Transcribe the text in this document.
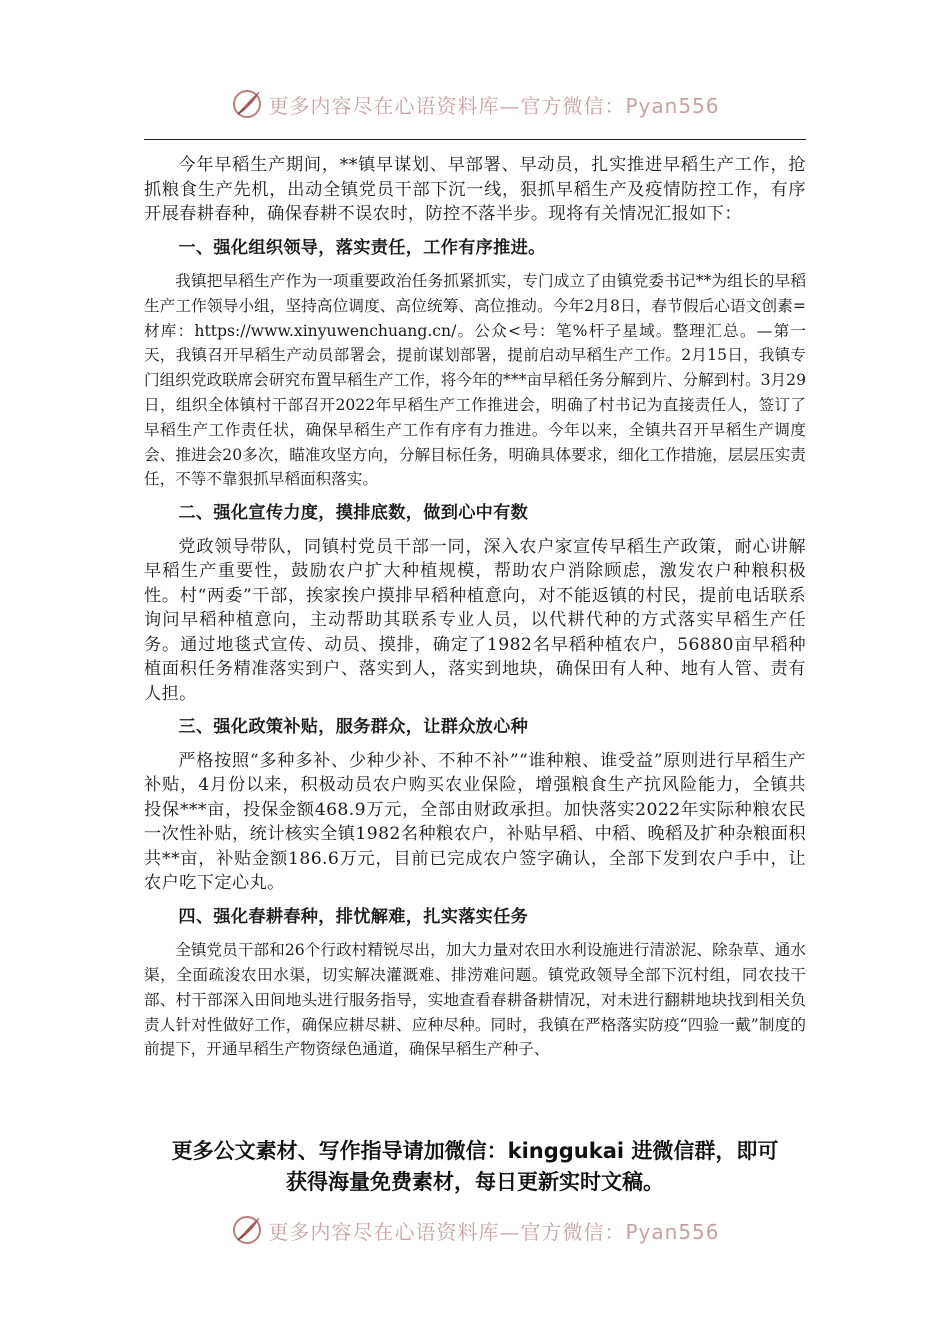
更多内容尽在心语资料库—官方微信：Pyan556

今年早稻生产期间，**镇早谋划、早部署、早动员，扎实推进早稻生产工作，抢抓粮食生产先机，出动全镇党员干部下沉一线，狠抓早稻生产及疫情防控工作，有序开展春耕春种，确保春耕不误农时，防控不落半步。现将有关情况汇报如下：

一、强化组织领导，落实责任，工作有序推进。

我镇把早稻生产作为一项重要政治任务抓紧抓实，专门成立了由镇党委书记**为组长的早稻生产工作领导小组，坚持高位调度、高位统筹、高位推动。今年2月8日，春节假后心语文创素=材库：https://www.xinyuwenchuang.cn/。公众<号：笔%杆子星域。整理汇总。—第一天，我镇召开早稻生产动员部署会，提前谋划部署，提前启动早稻生产工作。2月15日，我镇专门组织党政联席会研究布置早稻生产工作，将今年的***亩早稻任务分解到片、分解到村。3月29日，组织全体镇村干部召开2022年早稻生产工作推进会，明确了村书记为直接责任人，签订了早稻生产工作责任状，确保早稻生产工作有序有力推进。今年以来，全镇共召开早稻生产调度会、推进会20多次，瞄准攻坚方向，分解目标任务，明确具体要求，细化工作措施，层层压实责任，不等不靠狠抓早稻面积落实。

二、强化宣传力度，摸排底数，做到心中有数

党政领导带队，同镇村党员干部一同，深入农户家宣传早稻生产政策，耐心讲解早稻生产重要性，鼓励农户扩大种植规模，帮助农户消除顾虑，激发农户种粮积极性。村“两委”干部，挨家挨户摸排早稻种植意向，对不能返镇的村民，提前电话联系询问早稻种植意向，主动帮助其联系专业人员，以代耕代种的方式落实早稻生产任务。通过地毯式宣传、动员、摸排，确定了1982名早稻种植农户，56880亩早稻种植面积任务精准落实到户、落实到人，落实到地块，确保田有人种、地有人管、责有人担。

三、强化政策补贴，服务群众，让群众放心种

严格按照“多种多补、少种少补、不种不补”“谁种粮、谁受益”原则进行早稻生产补贴，4月份以来，积极动员农户购买农业保险，增强粮食生产抗风险能力，全镇共投保***亩，投保金额468.9万元，全部由财政承担。加快落实2022年实际种粮农民一次性补贴，统计核实全镇1982名种粮农户，补贴早稻、中稻、晚稻及扩种杂粮面积共**亩，补贴金额186.6万元，目前已完成农户签字确认，全部下发到农户手中，让农户吃下定心丸。

四、强化春耕春种，排忧解难，扎实落实任务

全镇党员干部和26个行政村精锐尽出，加大力量对农田水利设施进行清淤泥、除杂草、通水渠，全面疏浚农田水渠，切实解决灌溉难、排涝难问题。镇党政领导全部下沉村组，同农技干部、村干部深入田间地头进行服务指导，实地查看春耕备耕情况，对未进行翻耕地块找到相关负责人针对性做好工作，确保应耕尽耕、应种尽种。同时，我镇在严格落实防疫“四验一戴”制度的前提下，开通早稻生产物资绿色通道，确保早稻生产种子、

更多公文素材、写作指导请加微信：kinggukai 进微信群，即可
获得海量免费素材，每日更新实时文稿。
更多内容尽在心语资料库—官方微信：Pyan556
